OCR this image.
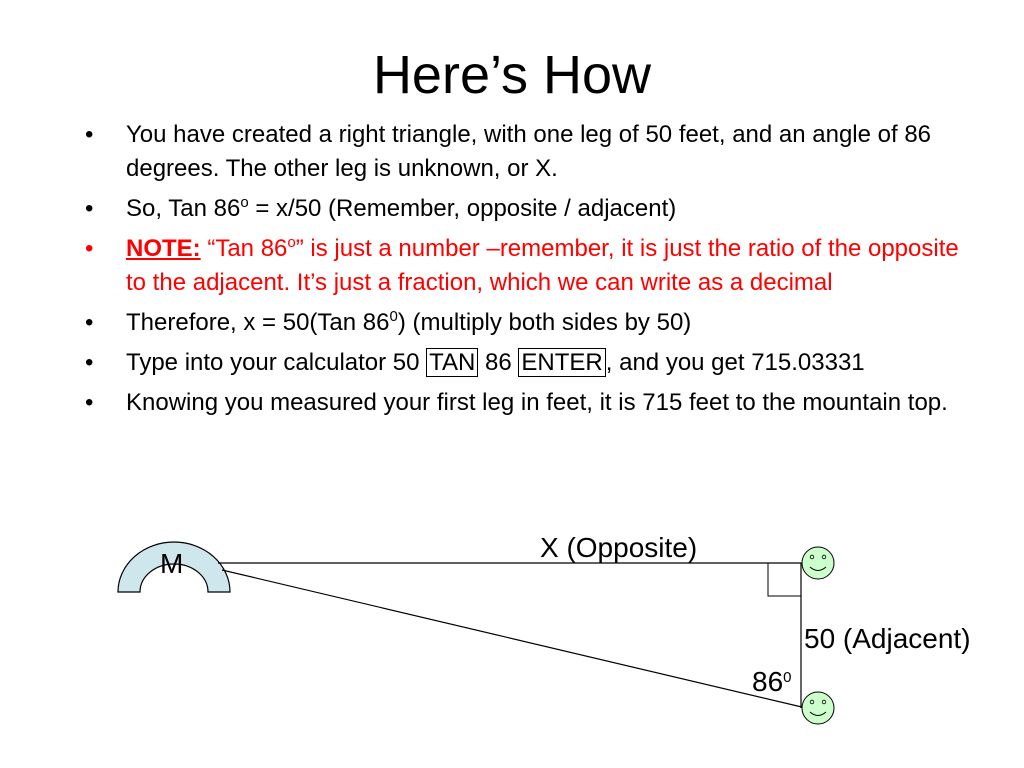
Here’s How
• You have created a right triangle, with one leg of 50 feet, and an angle of 86 degrees. The other leg is unknown, or X.
• So, Tan $86^o = x/50$ (Remember, opposite / adjacent)
• NOTE: “Tan 86$^o$” is just a number –remember, it is just the ratio of the opposite to the adjacent. It’s just a fraction, which we can write as a decimal
• Therefore, x = 50(Tan $86^0$) (multiply both sides by 50)
• Type into your calculator 50 TAN 86 ENTER , and you get 715.03331
• Knowing you measured your first leg in feet, it is 715 feet to the mountain top.
M
X (Opposite)
50 (Adjacent)
$86^0$
